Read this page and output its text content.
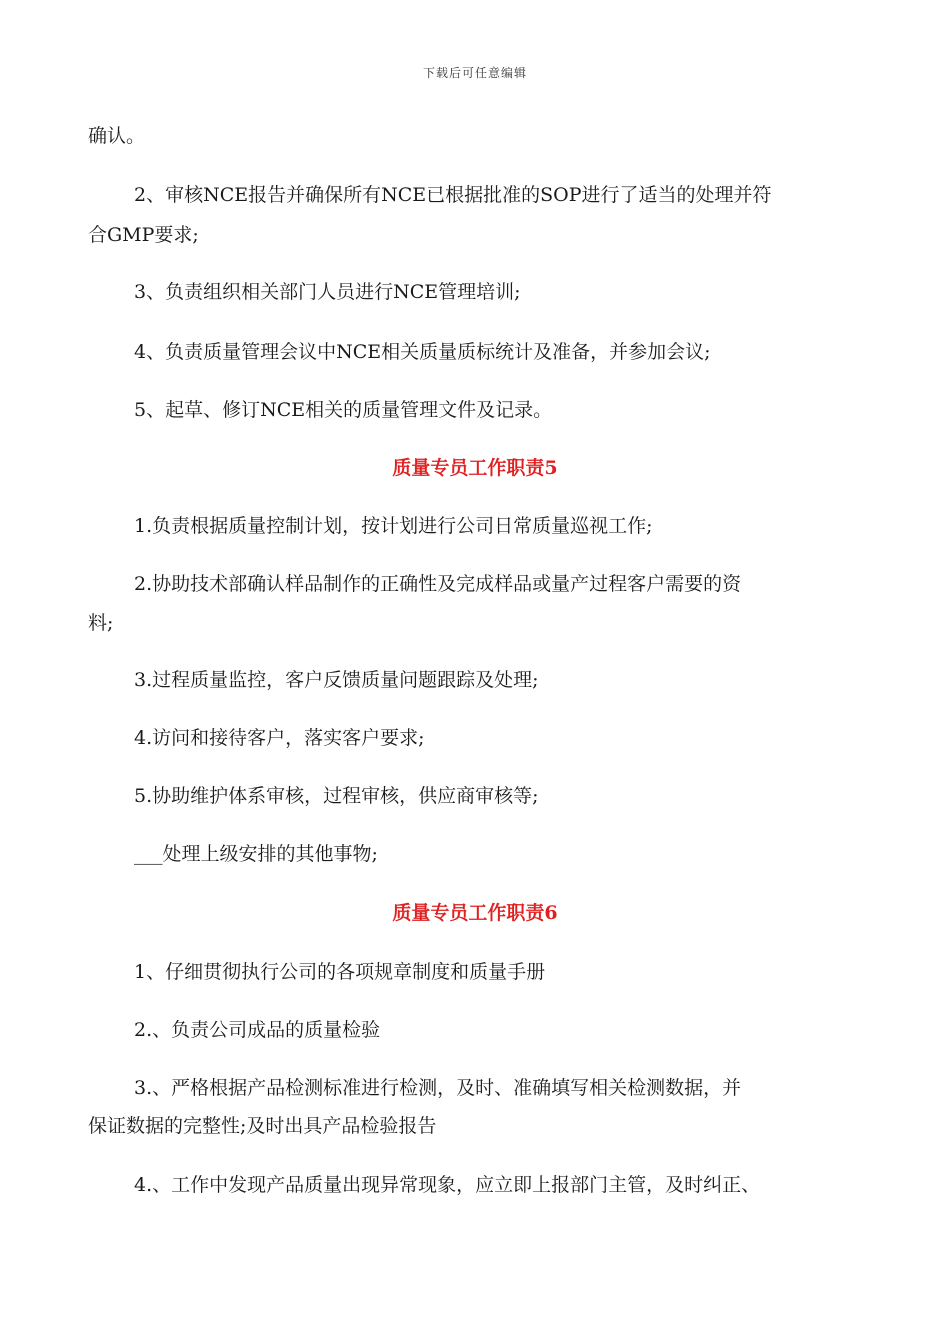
下载后可任意编辑
确认。
2、审核NCE报告并确保所有NCE已根据批准的SOP进行了适当的处理并符
合GMP要求;
3、负责组织相关部门人员进行NCE管理培训;
4、负责质量管理会议中NCE相关质量质标统计及准备，并参加会议;
5、起草、修订NCE相关的质量管理文件及记录。
质量专员工作职责5
1.负责根据质量控制计划，按计划进行公司日常质量巡视工作;
2.协助技术部确认样品制作的正确性及完成样品或量产过程客户需要的资
料;
3.过程质量监控，客户反馈质量问题跟踪及处理;
4.访问和接待客户，落实客户要求;
5.协助维护体系审核，过程审核，供应商审核等;
___处理上级安排的其他事物;
质量专员工作职责6
1、仔细贯彻执行公司的各项规章制度和质量手册
2.、负责公司成品的质量检验
3.、严格根据产品检测标准进行检测，及时、准确填写相关检测数据，并
保证数据的完整性;及时出具产品检验报告
4.、工作中发现产品质量出现异常现象，应立即上报部门主管，及时纠正、
